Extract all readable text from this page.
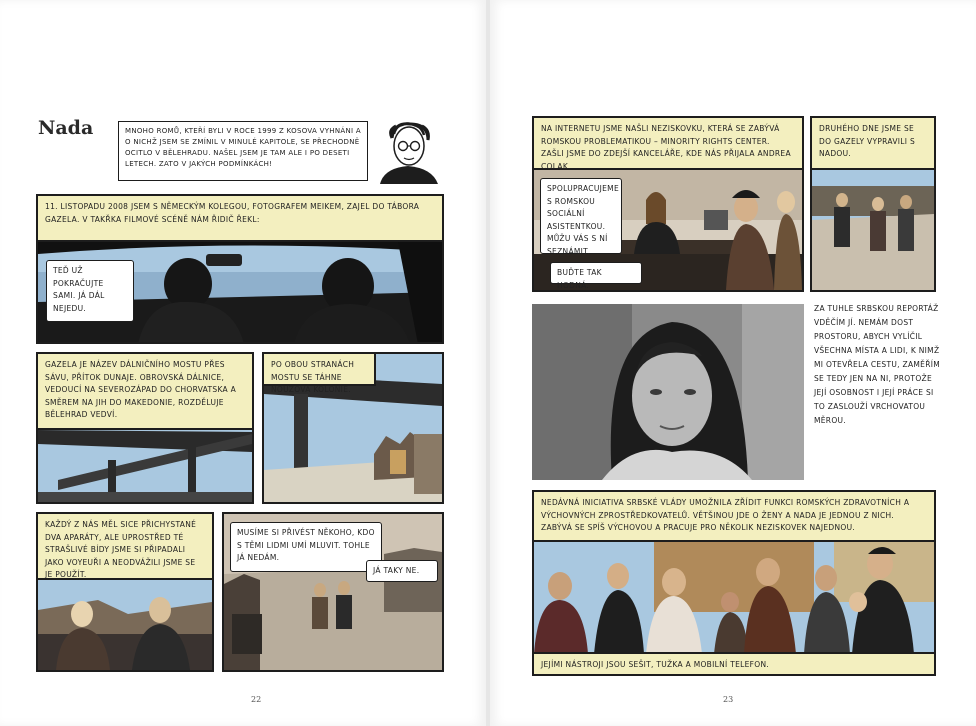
Nada	MNOHO ROMŮ, KTEŘÍ BYLI V ROCE 1999 Z KOSOVA VYHNÁNI A O NICHŽ JSEM SE ZMÍNIL V MINULÉ KAPITOLE, SE PŘECHODNĚ OCITLO V BĚLEHRADU. NAŠEL JSEM JE TAM ALE I PO DESETI LETECH. ZATO V JAKÝCH PODMÍNKÁCH!
11. LISTOPADU 2008 JSEM S NĚMECKÝM KOLEGOU, FOTOGRAFEM MEIKEM, ZAJEL DO TÁBORA GAZELA. V TAKŘKA FILMOVÉ SCÉNĚ NÁM ŘIDIČ ŘEKL:
TEĎ UŽ POKRAČUJTE SAMI. JÁ DÁL NEJEDU.
GAZELA JE NÁZEV DÁLNIČNÍHO MOSTU PŘES SÁVU, PŘÍTOK DUNAJE. OBROVSKÁ DÁLNICE, VEDOUCÍ NA SEVEROZÁPAD DO CHORVATSKA A SMĚREM NA JIH DO MAKEDONIE, ROZDĚLUJE BĚLEHRAD VEDVÍ.
PO OBOU STRANÁCH MOSTU SE TÁHNE NOUZOVÁ KOLONIE.
KAŽDÝ Z NÁS MĚL SICE PŘICHYSTANÉ DVA APARÁTY, ALE UPROSTŘED TÉ STRAŠLIVÉ BÍDY JSME SI PŘIPADALI JAKO VOYEUŘI A NEODVÁŽILI JSME SE JE POUŽÍT.
MUSÍME SI PŘIVÉST NĚKOHO, KDO S TĚMI LIDMI UMÍ MLUVIT. TOHLE JÁ NEDÁM.
JÁ TAKY NE.
22
NA INTERNETU JSME NAŠLI NEZISKOVKU, KTERÁ SE ZABÝVÁ ROMSKOU PROBLEMATIKOU – MINORITY RIGHTS CENTER. ZAŠLI JSME DO ZDEJŠÍ KANCELÁŘE, KDE NÁS PŘIJALA ANDREA COLAK.
SPOLUPRACUJEME S ROMSKOU SOCIÁLNÍ ASISTENTKOU. MŮŽU VÁS S NÍ SEZNÁMIT.
BUĎTE TAK HODNÁ.
DRUHÉHO DNE JSME SE DO GAZELY VYPRAVILI S NADOU.
ZA TUHLE SRBSKOU REPORTÁŽ VDĚČÍM JÍ. NEMÁM DOST PROSTORU, ABYCH VYLÍČIL VŠECHNA MÍSTA A LIDI, K NIMŽ MI OTEVŘELA CESTU, ZAMĚŘÍM SE TEDY JEN NA NI, PROTOŽE JEJÍ OSOBNOST I JEJÍ PRÁCE SI TO ZASLOUŽÍ VRCHOVATOU MĚROU.
NEDÁVNÁ INICIATIVA SRBSKÉ VLÁDY UMOŽNILA ZŘÍDIT FUNKCI ROMSKÝCH ZDRAVOTNÍCH A VÝCHOVNÝCH ZPROSTŘEDKOVATELŮ. VĚTŠINOU JDE O ŽENY A NADA JE JEDNOU Z NICH. ZABÝVÁ SE SPÍŠ VÝCHOVOU A PRACUJE PRO NĚKOLIK NEZISKOVEK NAJEDNOU.
JEJÍMI NÁSTROJI JSOU SEŠIT, TUŽKA A MOBILNÍ TELEFON.
23
